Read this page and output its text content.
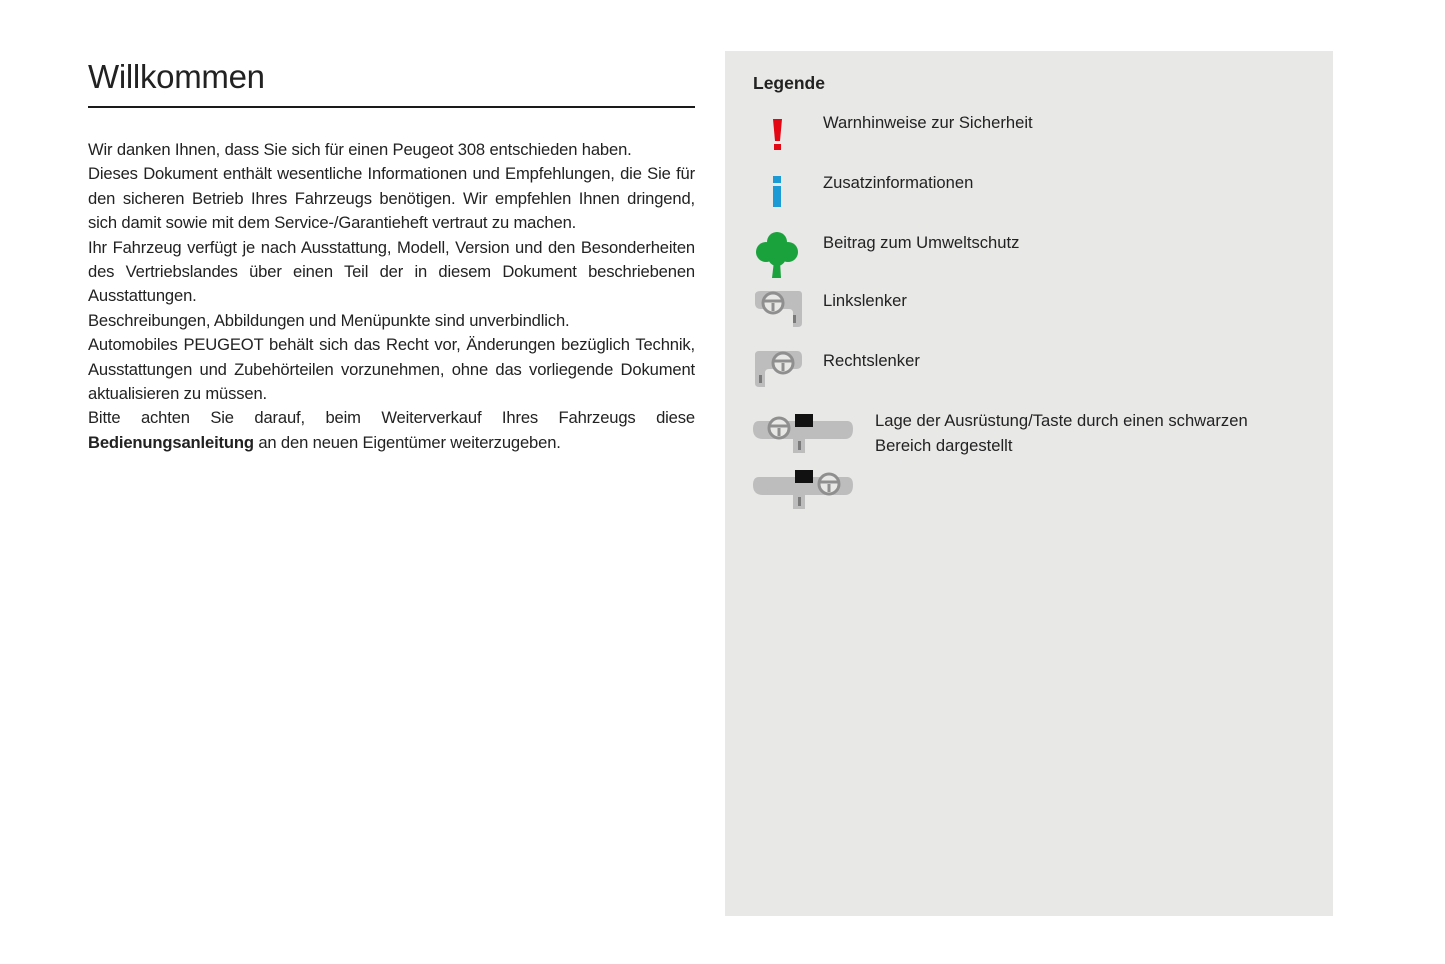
Willkommen

Wir danken Ihnen, dass Sie sich für einen Peugeot 308 entschieden haben.

Dieses Dokument enthält wesentliche Informationen und Empfehlungen, die Sie für den sicheren Betrieb Ihres Fahrzeugs benötigen. Wir empfehlen Ihnen dringend, sich damit sowie mit dem Service-/Garantieheft vertraut zu machen.

Ihr Fahrzeug verfügt je nach Ausstattung, Modell, Version und den Besonderheiten des Vertriebslandes über einen Teil der in diesem Dokument beschriebenen Ausstattungen.

Beschreibungen, Abbildungen und Menüpunkte sind unverbindlich.

Automobiles PEUGEOT behält sich das Recht vor, Änderungen bezüglich Technik, Ausstattungen und Zubehörteilen vorzunehmen, ohne das vorliegende Dokument aktualisieren zu müssen.

Bitte achten Sie darauf, beim Weiterverkauf Ihres Fahrzeugs diese Bedienungsanleitung an den neuen Eigentümer weiterzugeben.

Legende
Warnhinweise zur Sicherheit
Zusatzinformationen
Beitrag zum Umweltschutz
Linkslenker
Rechtslenker
Lage der Ausrüstung/Taste durch einen schwarzen
Bereich dargestellt
